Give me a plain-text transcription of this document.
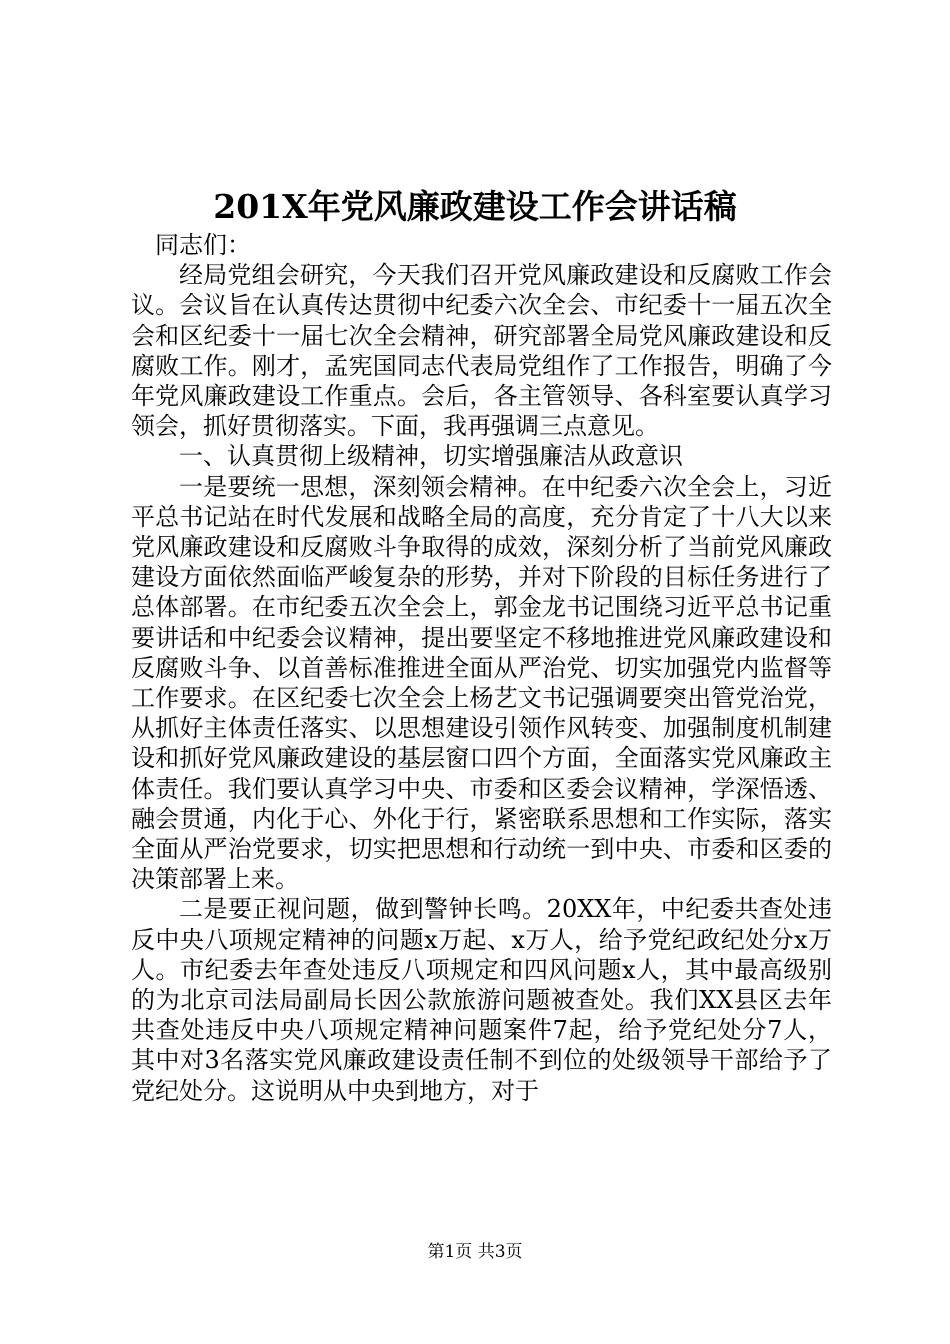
201X年党风廉政建设工作会讲话稿

同志们：

经局党组会研究，今天我们召开党风廉政建设和反腐败工作会议。会议旨在认真传达贯彻中纪委六次全会、市纪委十一届五次全会和区纪委十一届七次全会精神，研究部署全局党风廉政建设和反腐败工作。刚才，孟宪国同志代表局党组作了工作报告，明确了今年党风廉政建设工作重点。会后，各主管领导、各科室要认真学习领会，抓好贯彻落实。下面，我再强调三点意见。

一、认真贯彻上级精神，切实增强廉洁从政意识

一是要统一思想，深刻领会精神。在中纪委六次全会上，习近平总书记站在时代发展和战略全局的高度，充分肯定了十八大以来党风廉政建设和反腐败斗争取得的成效，深刻分析了当前党风廉政建设方面依然面临严峻复杂的形势，并对下阶段的目标任务进行了总体部署。在市纪委五次全会上，郭金龙书记围绕习近平总书记重要讲话和中纪委会议精神，提出要坚定不移地推进党风廉政建设和反腐败斗争、以首善标准推进全面从严治党、切实加强党内监督等工作要求。在区纪委七次全会上杨艺文书记强调要突出管党治党，从抓好主体责任落实、以思想建设引领作风转变、加强制度机制建设和抓好党风廉政建设的基层窗口四个方面，全面落实党风廉政主体责任。我们要认真学习中央、市委和区委会议精神，学深悟透、融会贯通，内化于心、外化于行，紧密联系思想和工作实际，落实全面从严治党要求，切实把思想和行动统一到中央、市委和区委的决策部署上来。

二是要正视问题，做到警钟长鸣。20XX年，中纪委共查处违反中央八项规定精神的问题x万起、x万人，给予党纪政纪处分x万人。市纪委去年查处违反八项规定和四风问题x人，其中最高级别的为北京司法局副局长因公款旅游问题被查处。我们XX县区去年共查处违反中央八项规定精神问题案件7起，给予党纪处分7人，其中对3名落实党风廉政建设责任制不到位的处级领导干部给予了党纪处分。这说明从中央到地方，对于

第1页 共3页
